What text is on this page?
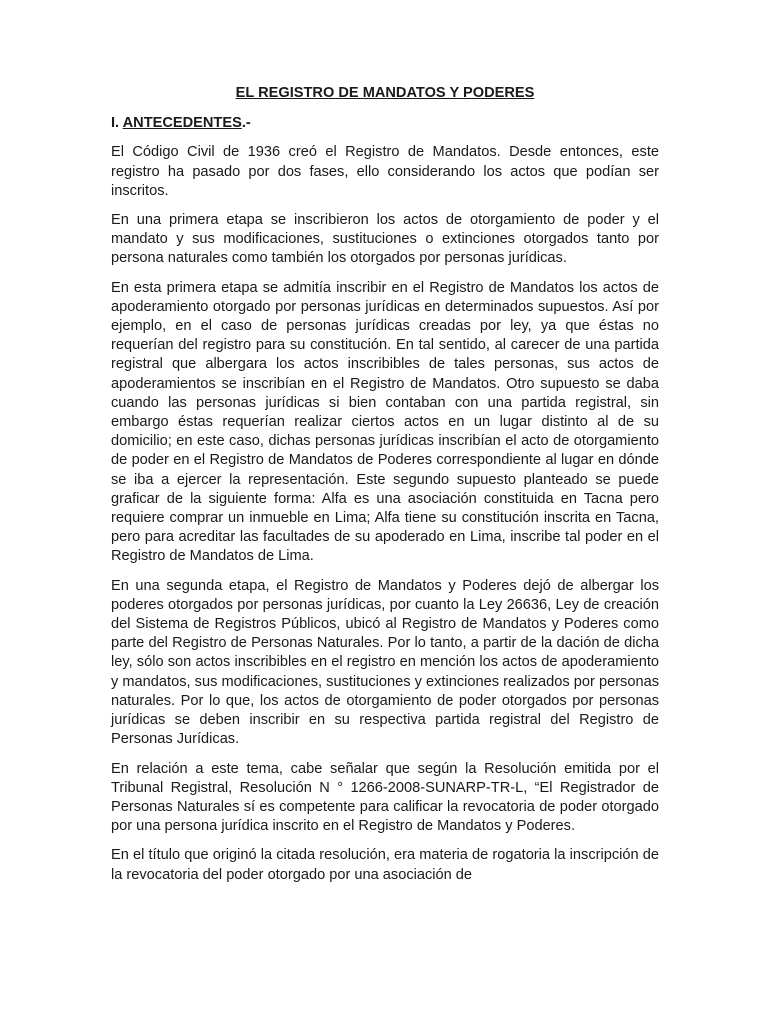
EL REGISTRO DE MANDATOS Y PODERES
I. ANTECEDENTES.-

El Código Civil de 1936 creó el Registro de Mandatos. Desde entonces, este registro ha pasado por dos fases, ello considerando los actos que podían ser inscritos.

En una primera etapa se inscribieron los actos de otorgamiento de poder y el mandato y sus modificaciones, sustituciones o extinciones otorgados tanto por persona naturales como también los otorgados por personas jurídicas.

En esta primera etapa se admitía inscribir en el Registro de Mandatos los actos de apoderamiento otorgado por personas jurídicas en determinados supuestos. Así por ejemplo, en el caso de personas jurídicas creadas por ley, ya que éstas no requerían del registro para su constitución. En tal sentido, al carecer de una partida registral que albergara los actos inscribibles de tales personas, sus actos de apoderamientos se inscribían en el Registro de Mandatos. Otro supuesto se daba cuando las personas jurídicas si bien contaban con una partida registral, sin embargo éstas requerían realizar ciertos actos en un lugar distinto al de su domicilio; en este caso, dichas personas jurídicas inscribían el acto de otorgamiento de poder en el Registro de Mandatos de Poderes correspondiente al lugar en dónde se iba a ejercer la representación. Este segundo supuesto planteado se puede graficar de la siguiente forma: Alfa es una asociación constituida en Tacna pero requiere comprar un inmueble en Lima; Alfa tiene su constitución inscrita en Tacna, pero para acreditar las facultades de su apoderado en Lima, inscribe tal poder en el Registro de Mandatos de Lima.

En una segunda etapa, el Registro de Mandatos y Poderes dejó de albergar los poderes otorgados por personas jurídicas, por cuanto la Ley 26636, Ley de creación del Sistema de Registros Públicos, ubicó al Registro de Mandatos y Poderes como parte del Registro de Personas Naturales. Por lo tanto, a partir de la dación de dicha ley, sólo son actos inscribibles en el registro en mención los actos de apoderamiento y mandatos, sus modificaciones, sustituciones y extinciones realizados por personas naturales. Por lo que, los actos de otorgamiento de poder otorgados por personas jurídicas se deben inscribir en su respectiva partida registral del Registro de Personas Jurídicas.

En relación a este tema, cabe señalar que según la Resolución emitida por el Tribunal Registral, Resolución N ° 1266-2008-SUNARP-TR-L, “El Registrador de Personas Naturales sí es competente para calificar la revocatoria de poder otorgado por una persona jurídica inscrito en el Registro de Mandatos y Poderes.

En el título que originó la citada resolución, era materia de rogatoria la inscripción de la revocatoria del poder otorgado por una asociación de
